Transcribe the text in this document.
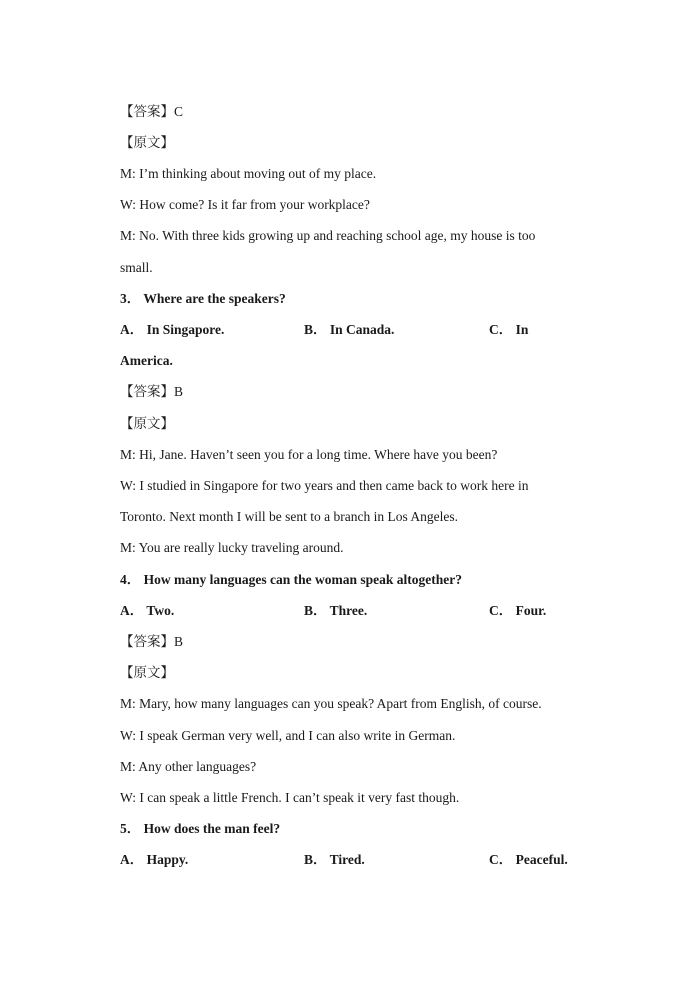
【答案】C
【原文】
M: I’m thinking about moving out of my place.
W: How come? Is it far from your workplace?
M: No. With three kids growing up and reaching school age, my house is too
small.
3． Where are the speakers?
A． In Singapore.	B． In Canada.	C． In
America.
【答案】B
【原文】
M: Hi, Jane. Haven’t seen you for a long time. Where have you been?
W: I studied in Singapore for two years and then came back to work here in
Toronto. Next month I will be sent to a branch in Los Angeles.
M: You are really lucky traveling around.
4． How many languages can the woman speak altogether?
A． Two.	B． Three.	C． Four.
【答案】B
【原文】
M: Mary, how many languages can you speak? Apart from English, of course.
W: I speak German very well, and I can also write in German.
M: Any other languages?
W: I can speak a little French. I can’t speak it very fast though.
5． How does the man feel?
A． Happy.	B． Tired.	C． Peaceful.
